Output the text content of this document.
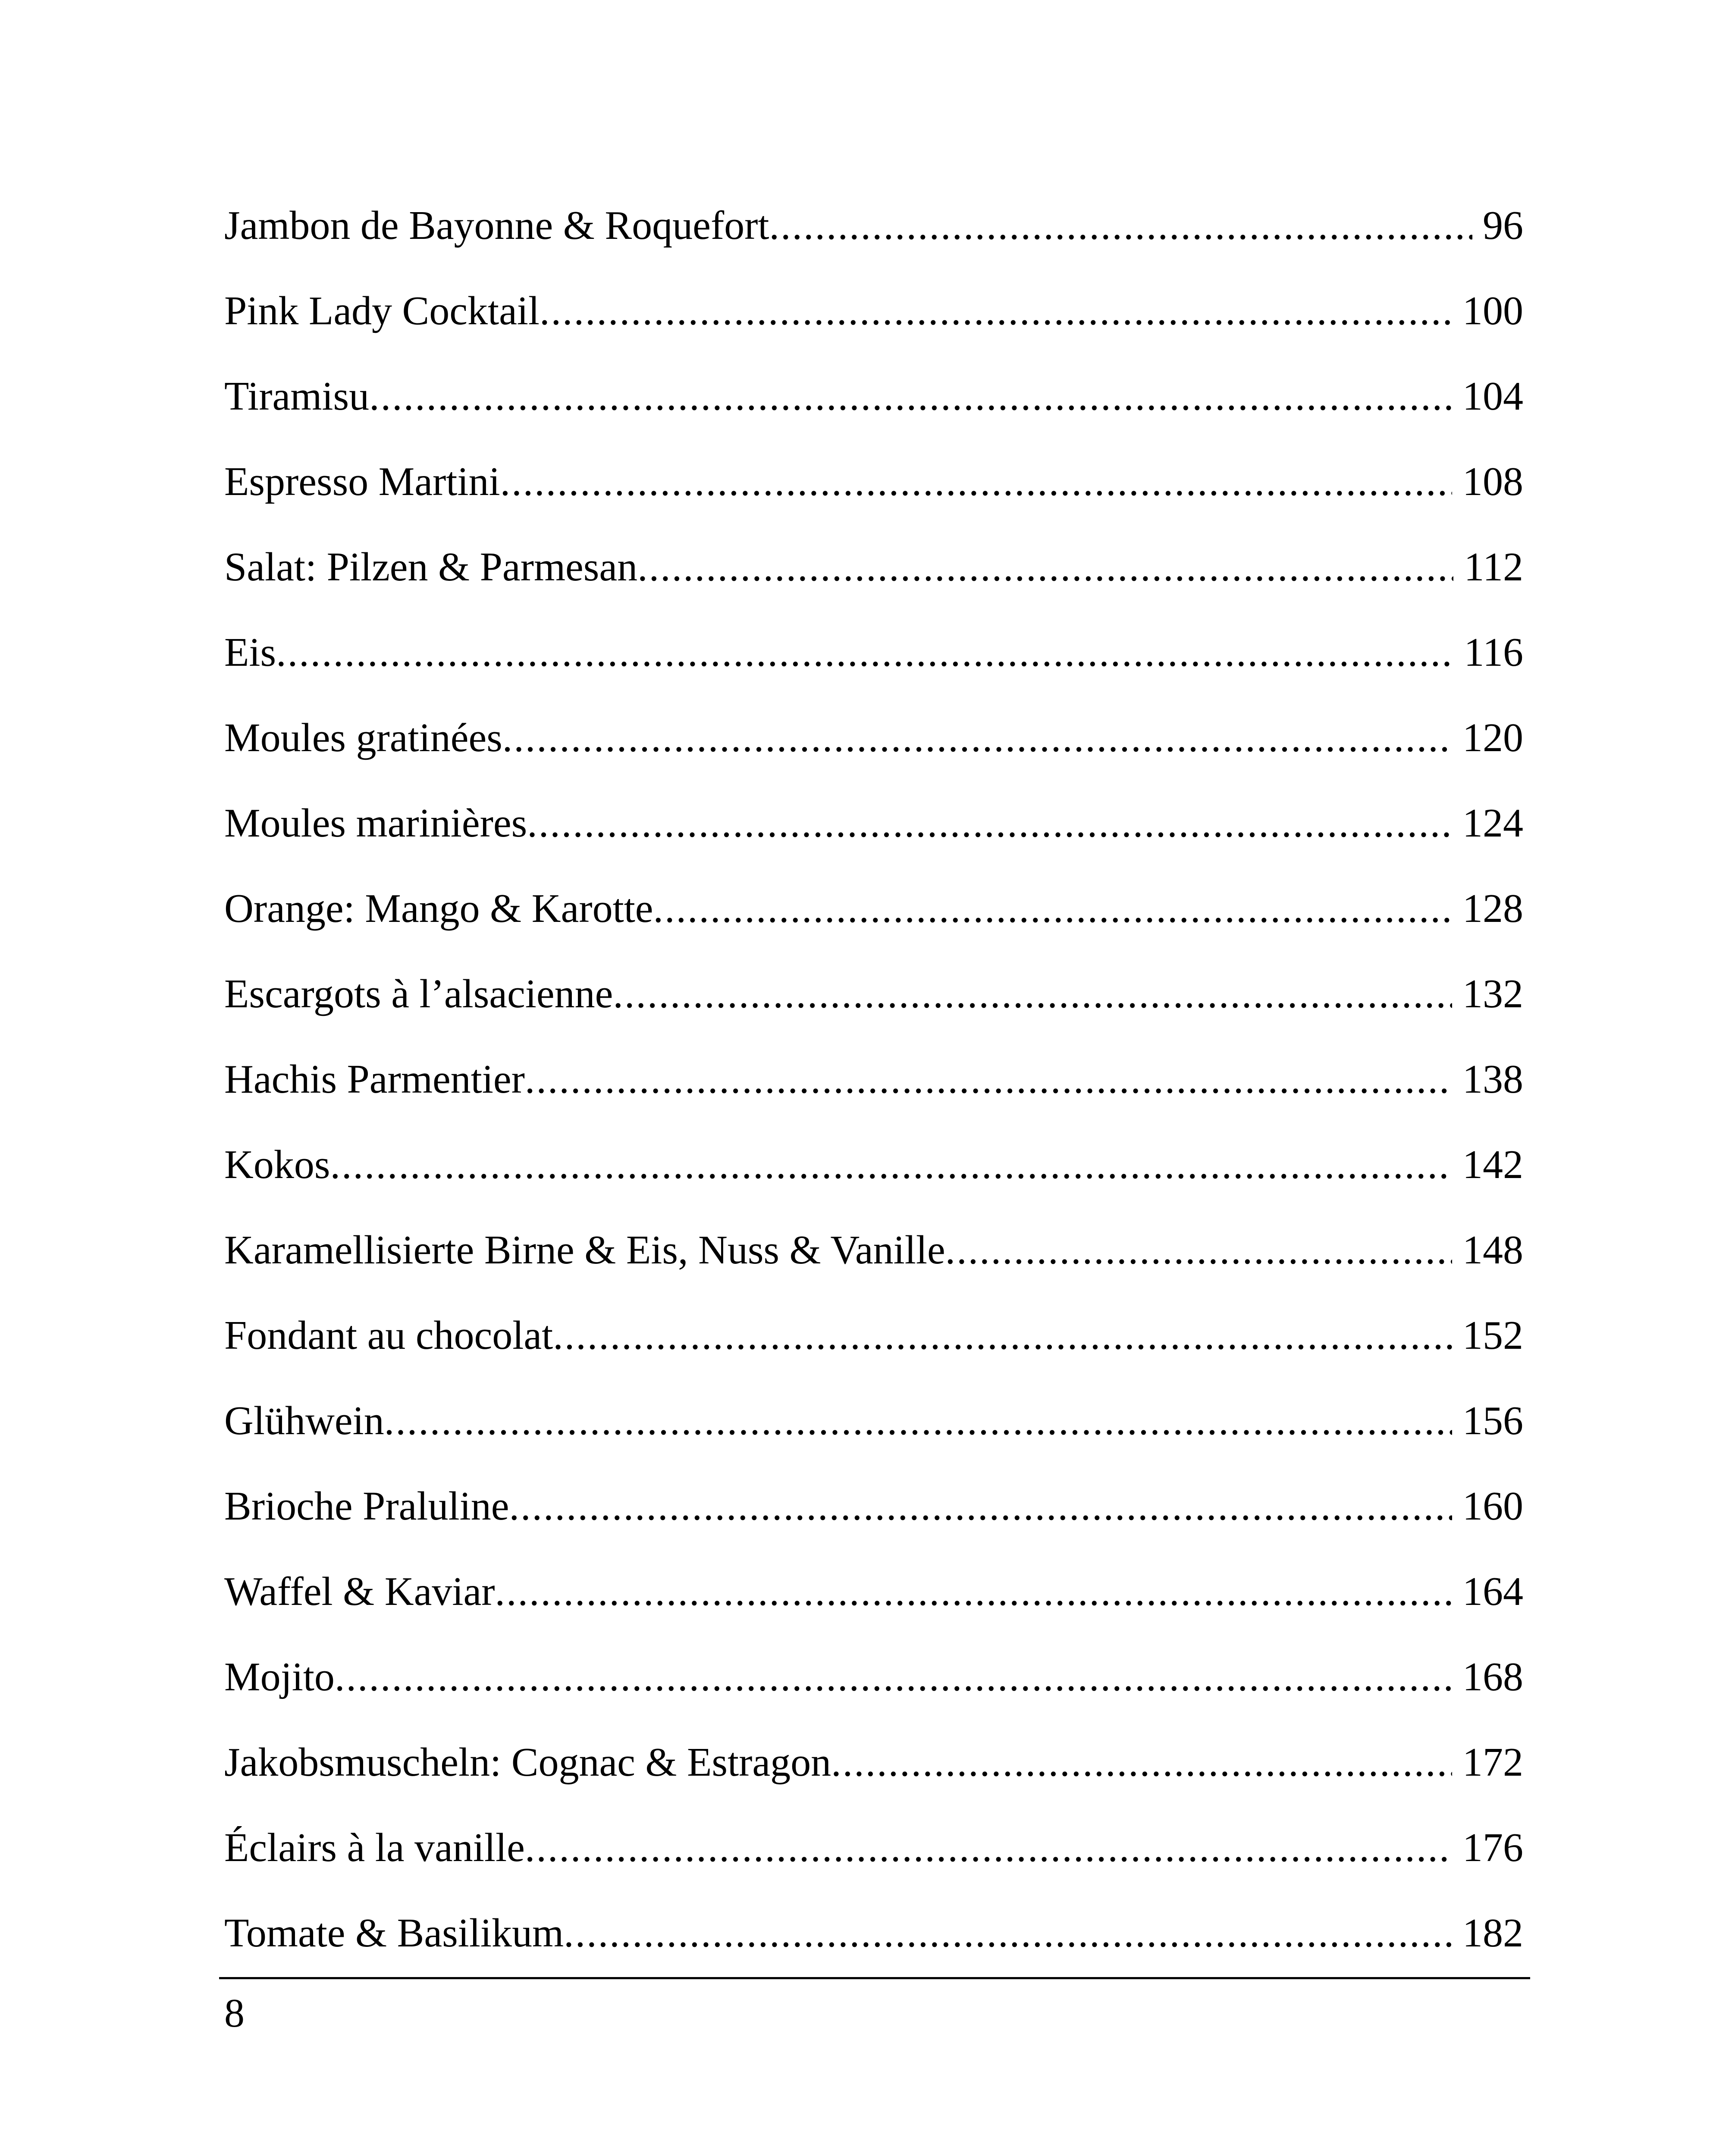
Jambon de Bayonne & Roquefort .....	96
Pink Lady Cocktail .....	100
Tiramisu .....	104
Espresso Martini .....	108
Salat: Pilzen & Parmesan .....	112
Eis .....	116
Moules gratinées .....	120
Moules marinières .....	124
Orange: Mango & Karotte .....	128
Escargots à l’alsacienne .....	132
Hachis Parmentier .....	138
Kokos .....	142
Karamellisierte Birne & Eis, Nuss & Vanille .....	148
Fondant au chocolat .....	152
Glühwein .....	156
Brioche Praluline .....	160
Waffel & Kaviar .....	164
Mojito .....	168
Jakobsmuscheln: Cognac & Estragon .....	172
Éclairs à la vanille .....	176
Tomate & Basilikum .....	182
8
